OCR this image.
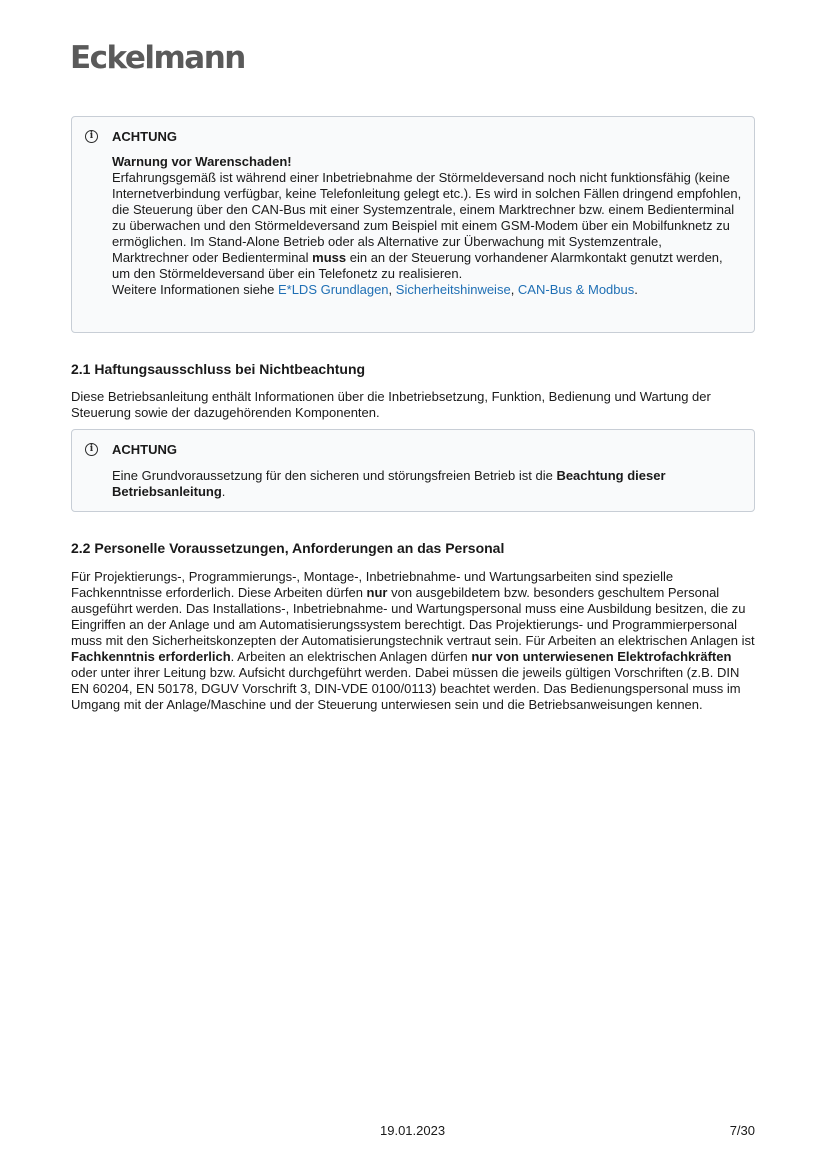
Eckelmann
i	ACHTUNG
Warnung vor Warenschaden!
Erfahrungsgemäß ist während einer Inbetriebnahme der Störmeldeversand noch nicht funktionsfähig (keine Internetverbindung verfügbar, keine Telefonleitung gelegt etc.). Es wird in solchen Fällen dringend empfohlen, die Steuerung über den CAN-Bus mit einer Systemzentrale, einem Marktrechner bzw. einem Bedienterminal zu überwachen und den Störmeldeversand zum Beispiel mit einem GSM-Modem über ein Mobilfunknetz zu ermöglichen. Im Stand-Alone Betrieb oder als Alternative zur Überwachung mit Systemzentrale, Marktrechner oder Bedienterminal muss ein an der Steuerung vorhandener Alarmkontakt genutzt werden, um den Störmeldeversand über ein Telefonetz zu realisieren.
Weitere Informationen siehe E*LDS Grundlagen, Sicherheitshinweise, CAN-Bus & Modbus.
2.1 Haftungsausschluss bei Nichtbeachtung
Diese Betriebsanleitung enthält Informationen über die Inbetriebsetzung, Funktion, Bedienung und Wartung der Steuerung sowie der dazugehörenden Komponenten.
i	ACHTUNG
Eine Grundvoraussetzung für den sicheren und störungsfreien Betrieb ist die Beachtung dieser Betriebsanleitung.
2.2 Personelle Voraussetzungen, Anforderungen an das Personal
Für Projektierungs-, Programmierungs-, Montage-, Inbetriebnahme- und Wartungsarbeiten sind spezielle Fachkenntnisse erforderlich. Diese Arbeiten dürfen nur von ausgebildetem bzw. besonders geschultem Personal ausgeführt werden. Das Installations-, Inbetriebnahme- und Wartungspersonal muss eine Ausbildung besitzen, die zu Eingriffen an der Anlage und am Automatisierungssystem berechtigt. Das Projektierungs- und Programmierpersonal muss mit den Sicherheitskonzepten der Automatisierungstechnik vertraut sein. Für Arbeiten an elektrischen Anlagen ist Fachkenntnis erforderlich. Arbeiten an elektrischen Anlagen dürfen nur von unterwiesenen Elektrofachkräften oder unter ihrer Leitung bzw. Aufsicht durchgeführt werden. Dabei müssen die jeweils gültigen Vorschriften (z.B. DIN EN 60204, EN 50178, DGUV Vorschrift 3, DIN-VDE 0100/0113) beachtet werden. Das Bedienungspersonal muss im Umgang mit der Anlage/Maschine und der Steuerung unterwiesen sein und die Betriebsanweisungen kennen.
19.01.2023	7/30
